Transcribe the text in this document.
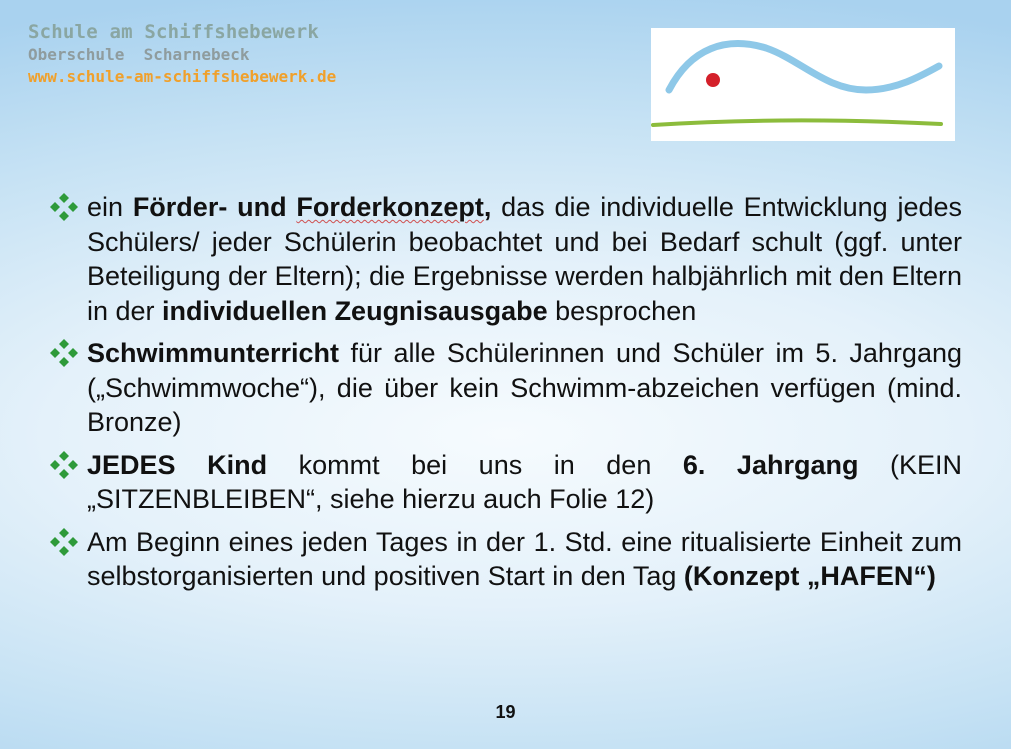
Schule am Schiffshebewerk
Oberschule  Scharnebeck
www.schule-am-schiffshebewerk.de
ein Förder- und Forderkonzept, das die individuelle Entwicklung jedes Schülers/ jeder Schülerin beobachtet und bei Bedarf schult (ggf. unter Beteiligung der Eltern); die Ergebnisse werden halbjährlich mit den Eltern in der individuellen Zeugnisausgabe besprochen
Schwimmunterricht für alle Schülerinnen und Schüler im 5. Jahrgang („Schwimmwoche“), die über kein Schwimm-abzeichen verfügen (mind. Bronze)
JEDES Kind kommt bei uns in den 6. Jahrgang (KEIN „SITZENBLEIBEN“, siehe hierzu auch Folie 12)
Am Beginn eines jeden Tages in der 1. Std. eine ritualisierte Einheit zum selbstorganisierten und positiven Start in den Tag (Konzept „HAFEN“)
19
